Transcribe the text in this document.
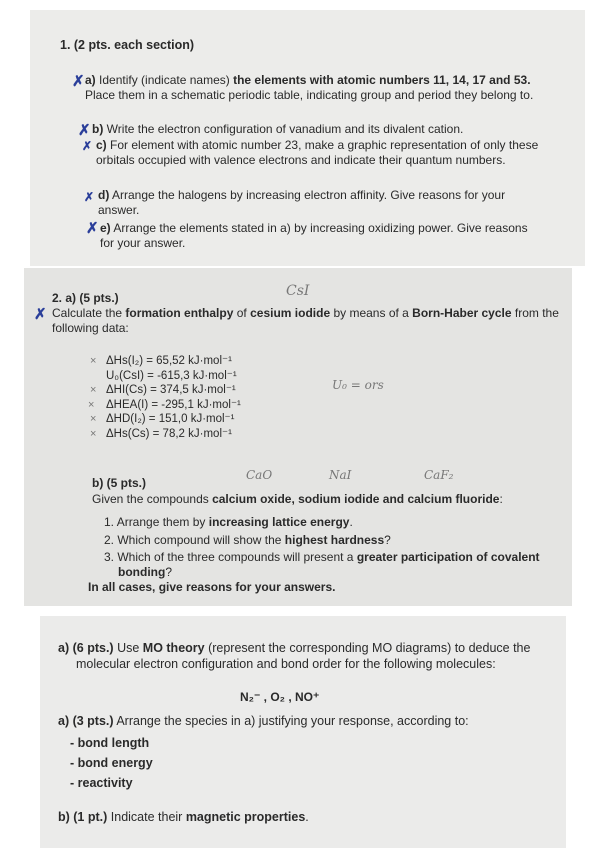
1. (2 pts. each section)
✗ a) Identify (indicate names) the elements with atomic numbers 11, 14, 17 and 53. Place them in a schematic periodic table, indicating group and period they belong to.
✗ b) Write the electron configuration of vanadium and its divalent cation.
✗ c) For element with atomic number 23, make a graphic representation of only these orbitals occupied with valence electrons and indicate their quantum numbers.
✗ d) Arrange the halogens by increasing electron affinity. Give reasons for your answer.
✗ e) Arrange the elements stated in a) by increasing oxidizing power. Give reasons for your answer.
2. a) (5 pts.)	CsI
✗ Calculate the formation enthalpy of cesium iodide by means of a Born-Haber cycle from the following data:
× ΔHs(I₂) = 65,52 kJ·mol⁻¹
U₀(CsI) = -615,3 kJ·mol⁻¹
× ΔHI(Cs) = 374,5 kJ·mol⁻¹
× ΔHEA(I) = -295,1 kJ·mol⁻¹
× ΔHD(I₂) = 151,0 kJ·mol⁻¹
× ΔHs(Cs) = 78,2 kJ·mol⁻¹
U₀ = ors
b) (5 pts.)
CaO	NaI	CaF₂
Given the compounds calcium oxide, sodium iodide and calcium fluoride:
1. Arrange them by increasing lattice energy.
2. Which compound will show the highest hardness?
3. Which of the three compounds will present a greater participation of covalent bonding?
In all cases, give reasons for your answers.
a) (6 pts.) Use MO theory (represent the corresponding MO diagrams) to deduce the molecular electron configuration and bond order for the following molecules:
N₂⁻ , O₂ , NO⁺
a) (3 pts.) Arrange the species in a) justifying your response, according to:
- bond length
- bond energy
- reactivity
b) (1 pt.) Indicate their magnetic properties.
